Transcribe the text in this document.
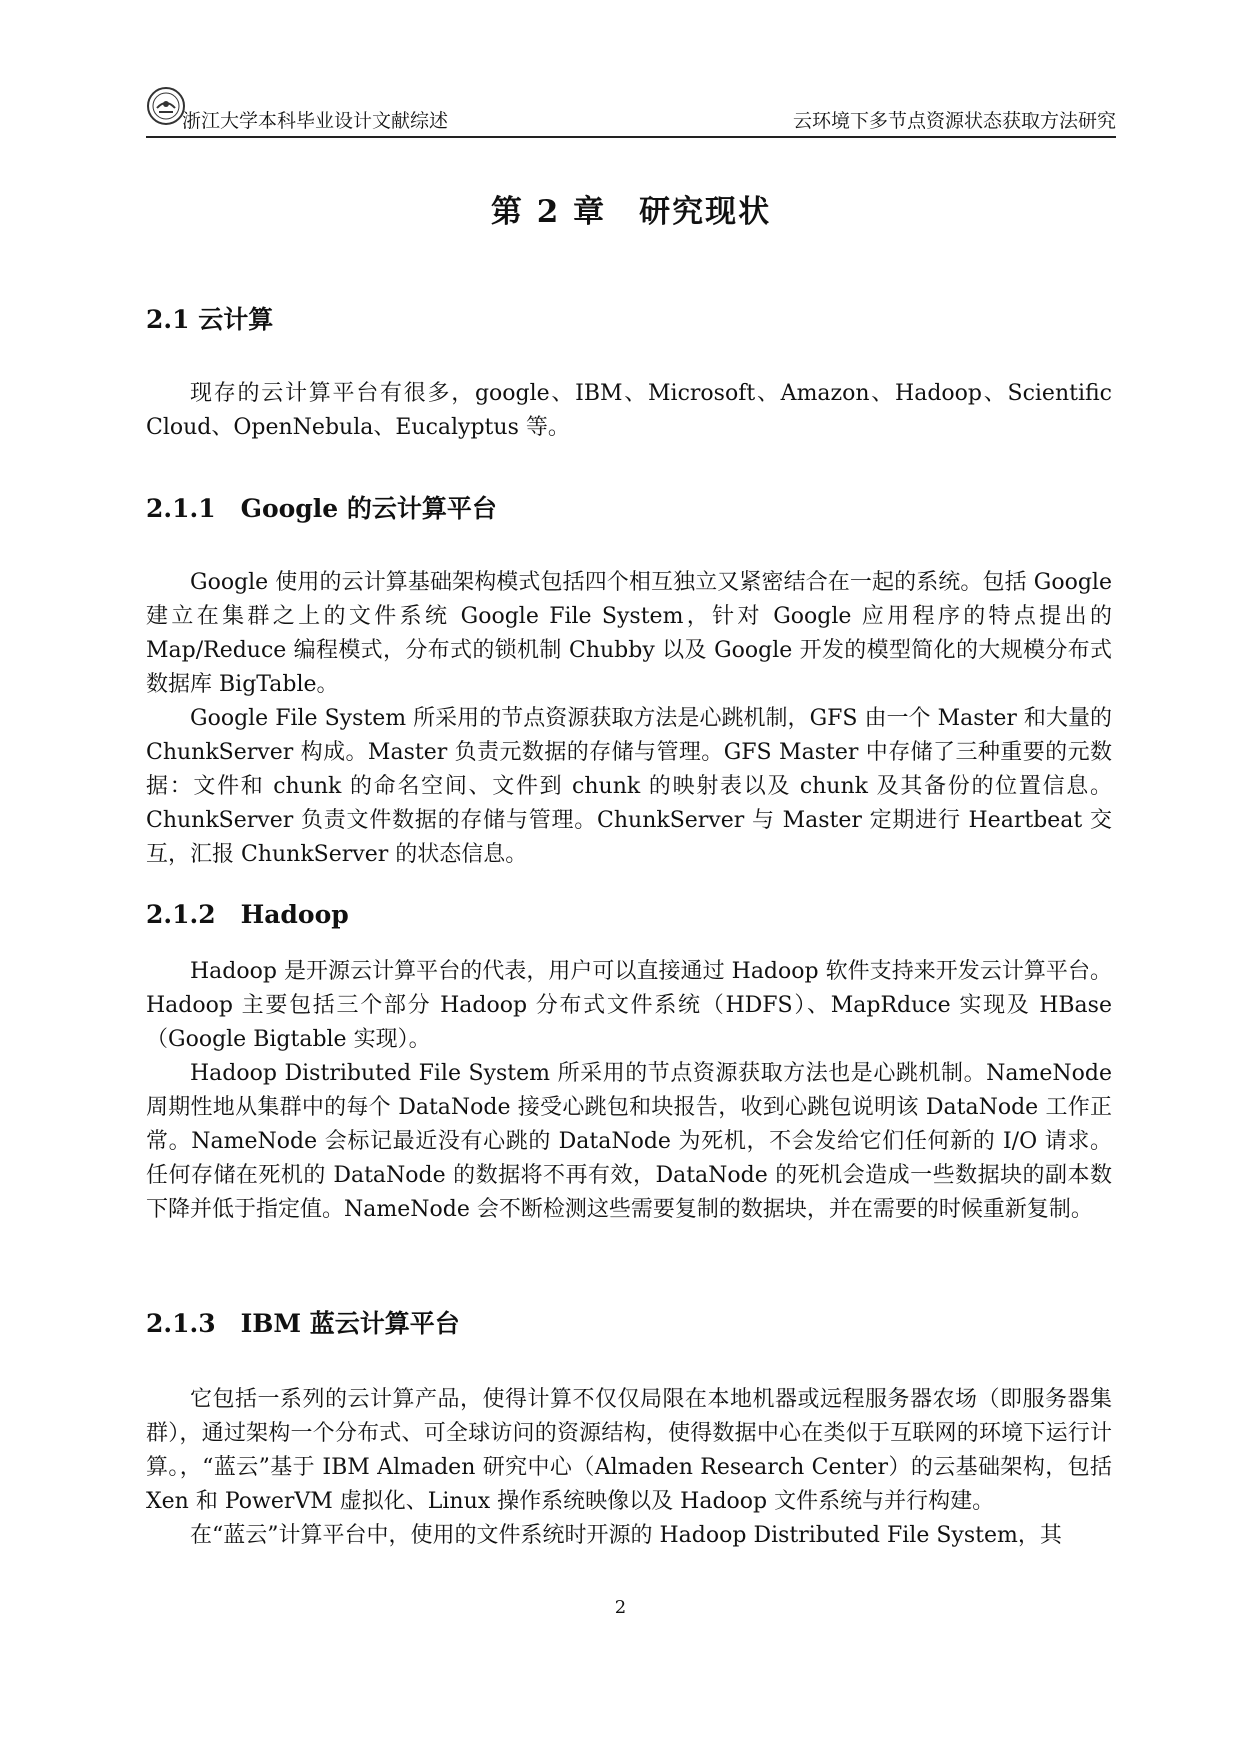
浙江大学本科毕业设计文献综述	云环境下多节点资源状态获取方法研究
第 2 章　研究现状
2.1 云计算

现存的云计算平台有很多，google、IBM、Microsoft、Amazon、Hadoop、Scientific Cloud、OpenNebula、Eucalyptus 等。

2.1.1　Google 的云计算平台

Google 使用的云计算基础架构模式包括四个相互独立又紧密结合在一起的系统。包括 Google 建立在集群之上的文件系统 Google File System，针对 Google 应用程序的特点提出的 Map/Reduce 编程模式，分布式的锁机制 Chubby 以及 Google 开发的模型简化的大规模分布式数据库 BigTable。

Google File System 所采用的节点资源获取方法是心跳机制，GFS 由一个 Master 和大量的 ChunkServer 构成。Master 负责元数据的存储与管理。GFS Master 中存储了三种重要的元数据：文件和 chunk 的命名空间、文件到 chunk 的映射表以及 chunk 及其备份的位置信息。ChunkServer 负责文件数据的存储与管理。ChunkServer 与 Master 定期进行 Heartbeat 交互，汇报 ChunkServer 的状态信息。

2.1.2　Hadoop

Hadoop 是开源云计算平台的代表，用户可以直接通过 Hadoop 软件支持来开发云计算平台。Hadoop 主要包括三个部分 Hadoop 分布式文件系统（HDFS）、MapRduce 实现及 HBase（Google Bigtable 实现）。

Hadoop Distributed File System 所采用的节点资源获取方法也是心跳机制。NameNode 周期性地从集群中的每个 DataNode 接受心跳包和块报告，收到心跳包说明该 DataNode 工作正常。NameNode 会标记最近没有心跳的 DataNode 为死机，不会发给它们任何新的 I/O 请求。任何存储在死机的 DataNode 的数据将不再有效，DataNode 的死机会造成一些数据块的副本数下降并低于指定值。NameNode 会不断检测这些需要复制的数据块，并在需要的时候重新复制。

2.1.3　IBM 蓝云计算平台

它包括一系列的云计算产品，使得计算不仅仅局限在本地机器或远程服务器农场（即服务器集群），通过架构一个分布式、可全球访问的资源结构，使得数据中心在类似于互联网的环境下运行计算。，“蓝云”基于 IBM Almaden 研究中心（Almaden Research Center）的云基础架构，包括 Xen 和 PowerVM 虚拟化、Linux 操作系统映像以及 Hadoop 文件系统与并行构建。

在“蓝云”计算平台中，使用的文件系统时开源的 Hadoop Distributed File System，其

2
